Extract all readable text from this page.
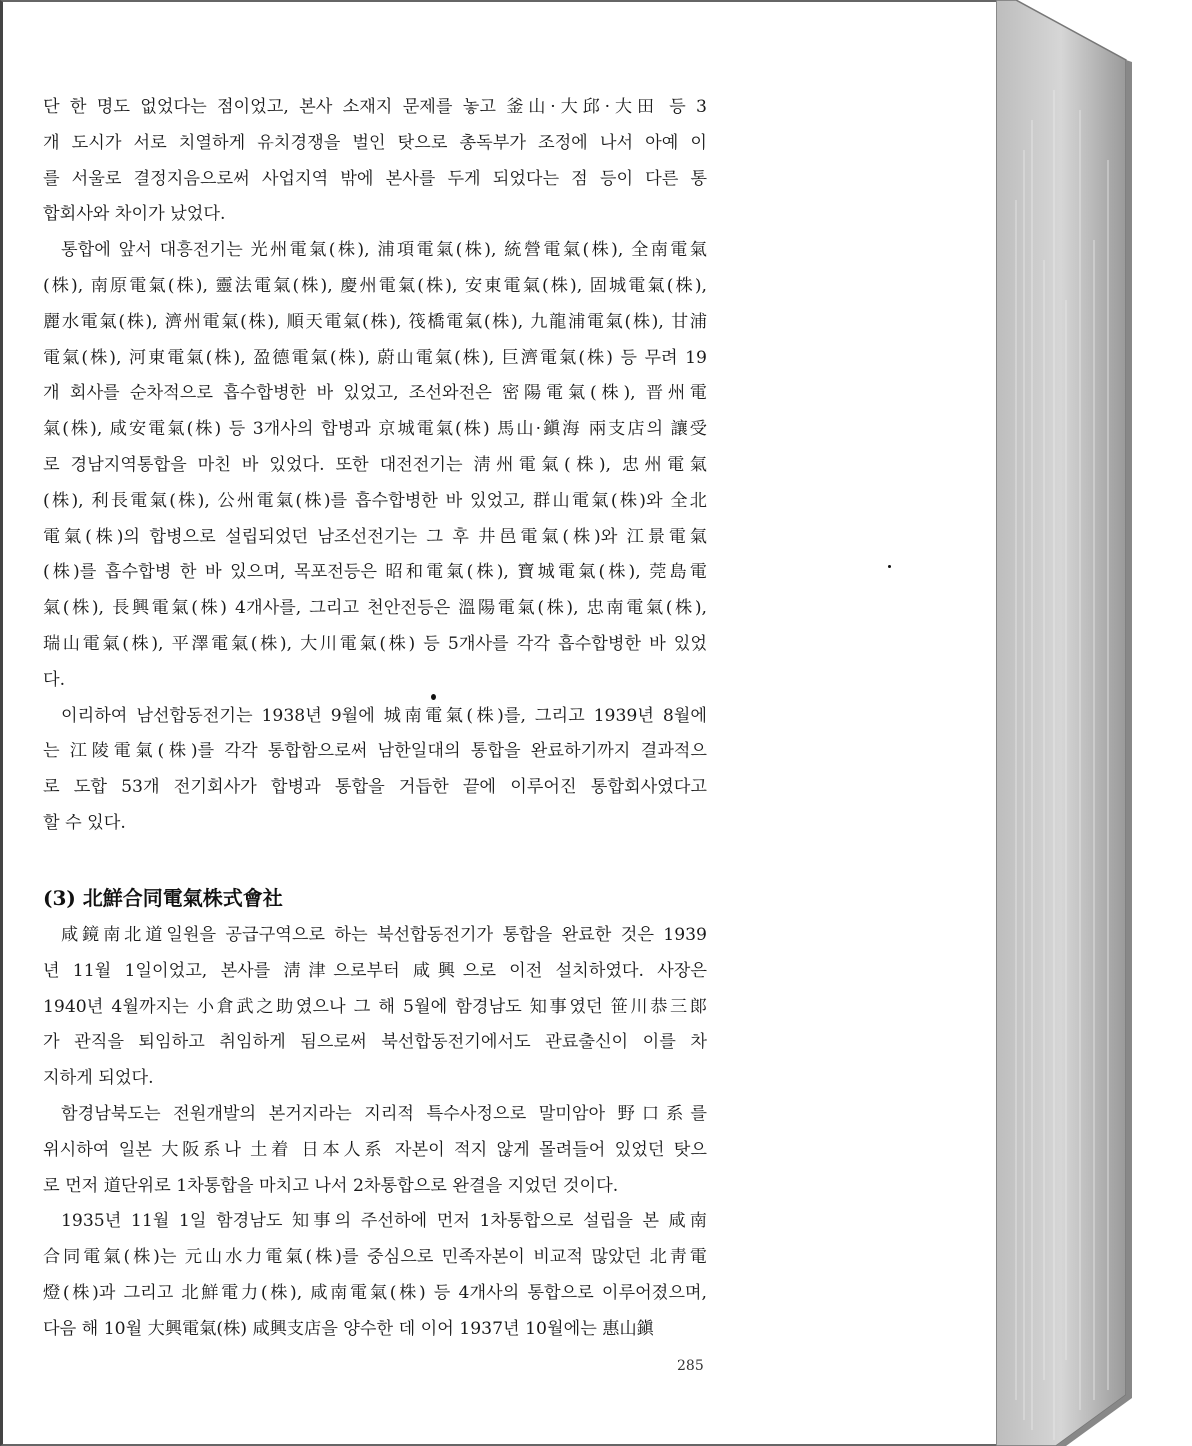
단 한 명도 없었다는 점이었고, 본사 소재지 문제를 놓고 釜山·大邱·大田 등 3
개 도시가 서로 치열하게 유치경쟁을 벌인 탓으로 총독부가 조정에 나서 아예 이
를 서울로 결정지음으로써 사업지역 밖에 본사를 두게 되었다는 점 등이 다른 통
합회사와 차이가 났었다.
통합에 앞서 대흥전기는 光州電氣(株), 浦項電氣(株), 統營電氣(株), 全南電氣
(株), 南原電氣(株), 靈法電氣(株), 慶州電氣(株), 安東電氣(株), 固城電氣(株),
麗水電氣(株), 濟州電氣(株), 順天電氣(株), 筏橋電氣(株), 九龍浦電氣(株), 甘浦
電氣(株), 河東電氣(株), 盈德電氣(株), 蔚山電氣(株), 巨濟電氣(株) 등 무려 19
개 회사를 순차적으로 흡수합병한 바 있었고, 조선와전은 密陽電氣(株), 晋州電
氣(株), 咸安電氣(株) 등 3개사의 합병과 京城電氣(株) 馬山·鎭海 兩支店의 讓受
로 경남지역통합을 마친 바 있었다. 또한 대전전기는 淸州電氣(株), 忠州電氣
(株), 利長電氣(株), 公州電氣(株)를 흡수합병한 바 있었고, 群山電氣(株)와 全北
電氣(株)의 합병으로 설립되었던 남조선전기는 그 후 井邑電氣(株)와 江景電氣
(株)를 흡수합병 한 바 있으며, 목포전등은 昭和電氣(株), 寶城電氣(株), 莞島電
氣(株), 長興電氣(株) 4개사를, 그리고 천안전등은 溫陽電氣(株), 忠南電氣(株),
瑞山電氣(株), 平澤電氣(株), 大川電氣(株) 등 5개사를 각각 흡수합병한 바 있었
다.
이리하여 남선합동전기는 1938년 9월에 城南電氣(株)를, 그리고 1939년 8월에
는 江陵電氣(株)를 각각 통합함으로써 남한일대의 통합을 완료하기까지 결과적으
로 도합 53개 전기회사가 합병과 통합을 거듭한 끝에 이루어진 통합회사였다고
할 수 있다.
(3) 北鮮合同電氣株式會社
咸鏡南北道일원을 공급구역으로 하는 북선합동전기가 통합을 완료한 것은 1939
년 11월 1일이었고, 본사를 淸津으로부터 咸興으로 이전 설치하였다. 사장은
1940년 4월까지는 小倉武之助였으나 그 해 5월에 함경남도 知事였던 笹川恭三郞
가 관직을 퇴임하고 취임하게 됨으로써 북선합동전기에서도 관료출신이 이를 차
지하게 되었다.
함경남북도는 전원개발의 본거지라는 지리적 특수사정으로 말미암아 野口系를
위시하여 일본 大阪系나 土着 日本人系 자본이 적지 않게 몰려들어 있었던 탓으
로 먼저 道단위로 1차통합을 마치고 나서 2차통합으로 완결을 지었던 것이다.
1935년 11월 1일 함경남도 知事의 주선하에 먼저 1차통합으로 설립을 본 咸南
合同電氣(株)는 元山水力電氣(株)를 중심으로 민족자본이 비교적 많았던 北靑電
燈(株)과 그리고 北鮮電力(株), 咸南電氣(株) 등 4개사의 통합으로 이루어졌으며,
다음 해 10월 大興電氣(株) 咸興支店을 양수한 데 이어 1937년 10월에는 惠山鎭
285
